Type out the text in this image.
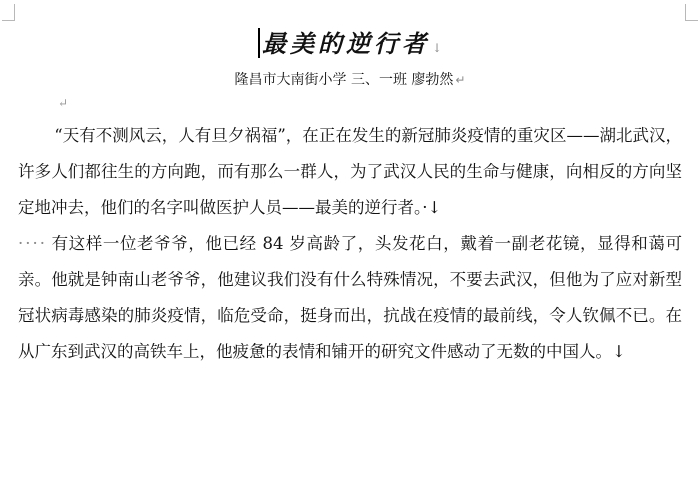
最美的逆行者 ↓
隆昌市大南街小学 三、一班 廖勃然 ↵
↵

“天有不测风云，人有旦夕祸福”，在正在发生的新冠肺炎疫情的重灾区——湖北武汉，许多人们都往生的方向跑，而有那么一群人，为了武汉人民的生命与健康，向相反的方向坚定地冲去，他们的名字叫做医护人员——最美的逆行者。·↓

···· 有这样一位老爷爷，他已经 84 岁高龄了，头发花白，戴着一副老花镜，显得和蔼可亲。他就是钟南山老爷爷，他建议我们没有什么特殊情况，不要去武汉，但他为了应对新型冠状病毒感染的肺炎疫情，临危受命，挺身而出，抗战在疫情的最前线，令人钦佩不已。在从广东到武汉的高铁车上，他疲惫的表情和铺开的研究文件感动了无数的中国人。↓
